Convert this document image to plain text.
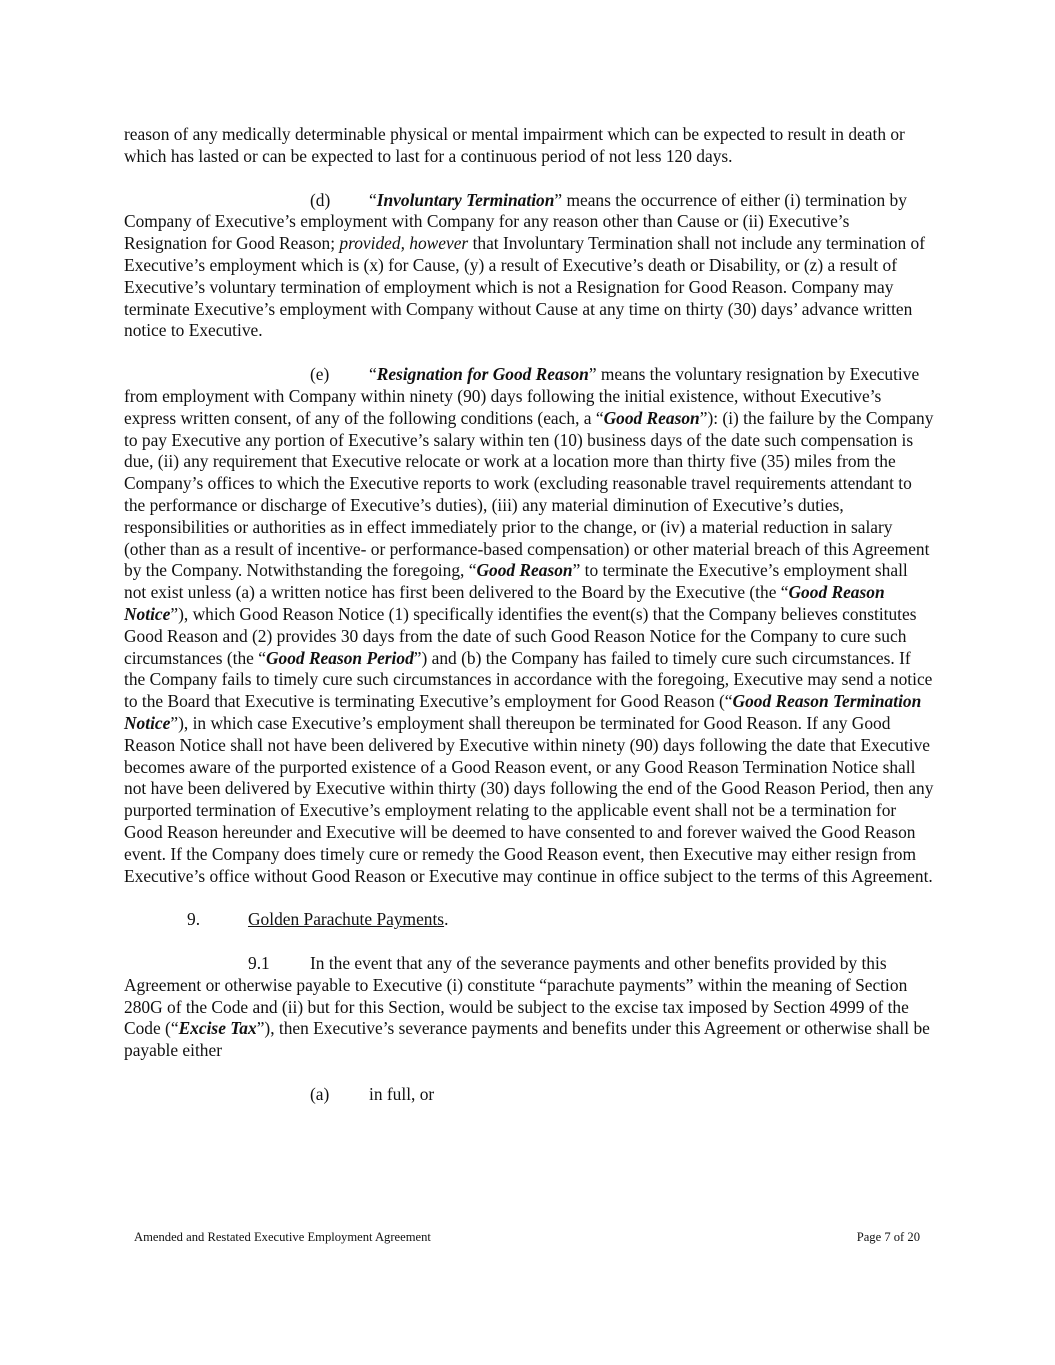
reason of any medically determinable physical or mental impairment which can be expected to result in death or which has lasted or can be expected to last for a continuous period of not less 120 days.

(d) “Involuntary Termination” means the occurrence of either (i) termination by Company of Executive’s employment with Company for any reason other than Cause or (ii) Executive’s Resignation for Good Reason; provided, however that Involuntary Termination shall not include any termination of Executive’s employment which is (x) for Cause, (y) a result of Executive’s death or Disability, or (z) a result of Executive’s voluntary termination of employment which is not a Resignation for Good Reason. Company may terminate Executive’s employment with Company without Cause at any time on thirty (30) days’ advance written notice to Executive.

(e) “Resignation for Good Reason” means the voluntary resignation by Executive from employment with Company within ninety (90) days following the initial existence, without Executive’s express written consent, of any of the following conditions (each, a “Good Reason”): (i) the failure by the Company to pay Executive any portion of Executive’s salary within ten (10) business days of the date such compensation is due, (ii) any requirement that Executive relocate or work at a location more than thirty five (35) miles from the Company’s offices to which the Executive reports to work (excluding reasonable travel requirements attendant to the performance or discharge of Executive’s duties), (iii) any material diminution of Executive’s duties, responsibilities or authorities as in effect immediately prior to the change, or (iv) a material reduction in salary (other than as a result of incentive- or performance-based compensation) or other material breach of this Agreement by the Company. Notwithstanding the foregoing, “Good Reason” to terminate the Executive’s employment shall not exist unless (a) a written notice has first been delivered to the Board by the Executive (the “Good Reason Notice”), which Good Reason Notice (1) specifically identifies the event(s) that the Company believes constitutes Good Reason and (2) provides 30 days from the date of such Good Reason Notice for the Company to cure such circumstances (the “Good Reason Period”) and (b) the Company has failed to timely cure such circumstances. If the Company fails to timely cure such circumstances in accordance with the foregoing, Executive may send a notice to the Board that Executive is terminating Executive’s employment for Good Reason (“Good Reason Termination Notice”), in which case Executive’s employment shall thereupon be terminated for Good Reason. If any Good Reason Notice shall not have been delivered by Executive within ninety (90) days following the date that Executive becomes aware of the purported existence of a Good Reason event, or any Good Reason Termination Notice shall not have been delivered by Executive within thirty (30) days following the end of the Good Reason Period, then any purported termination of Executive’s employment relating to the applicable event shall not be a termination for Good Reason hereunder and Executive will be deemed to have consented to and forever waived the Good Reason event. If the Company does timely cure or remedy the Good Reason event, then Executive may either resign from Executive’s office without Good Reason or Executive may continue in office subject to the terms of this Agreement.

9.	Golden Parachute Payments.

9.1 In the event that any of the severance payments and other benefits provided by this Agreement or otherwise payable to Executive (i) constitute “parachute payments” within the meaning of Section 280G of the Code and (ii) but for this Section, would be subject to the excise tax imposed by Section 4999 of the Code (“Excise Tax”), then Executive’s severance payments and benefits under this Agreement or otherwise shall be payable either

(a) in full, or

Amended and Restated Executive Employment Agreement	Page 7 of 20
